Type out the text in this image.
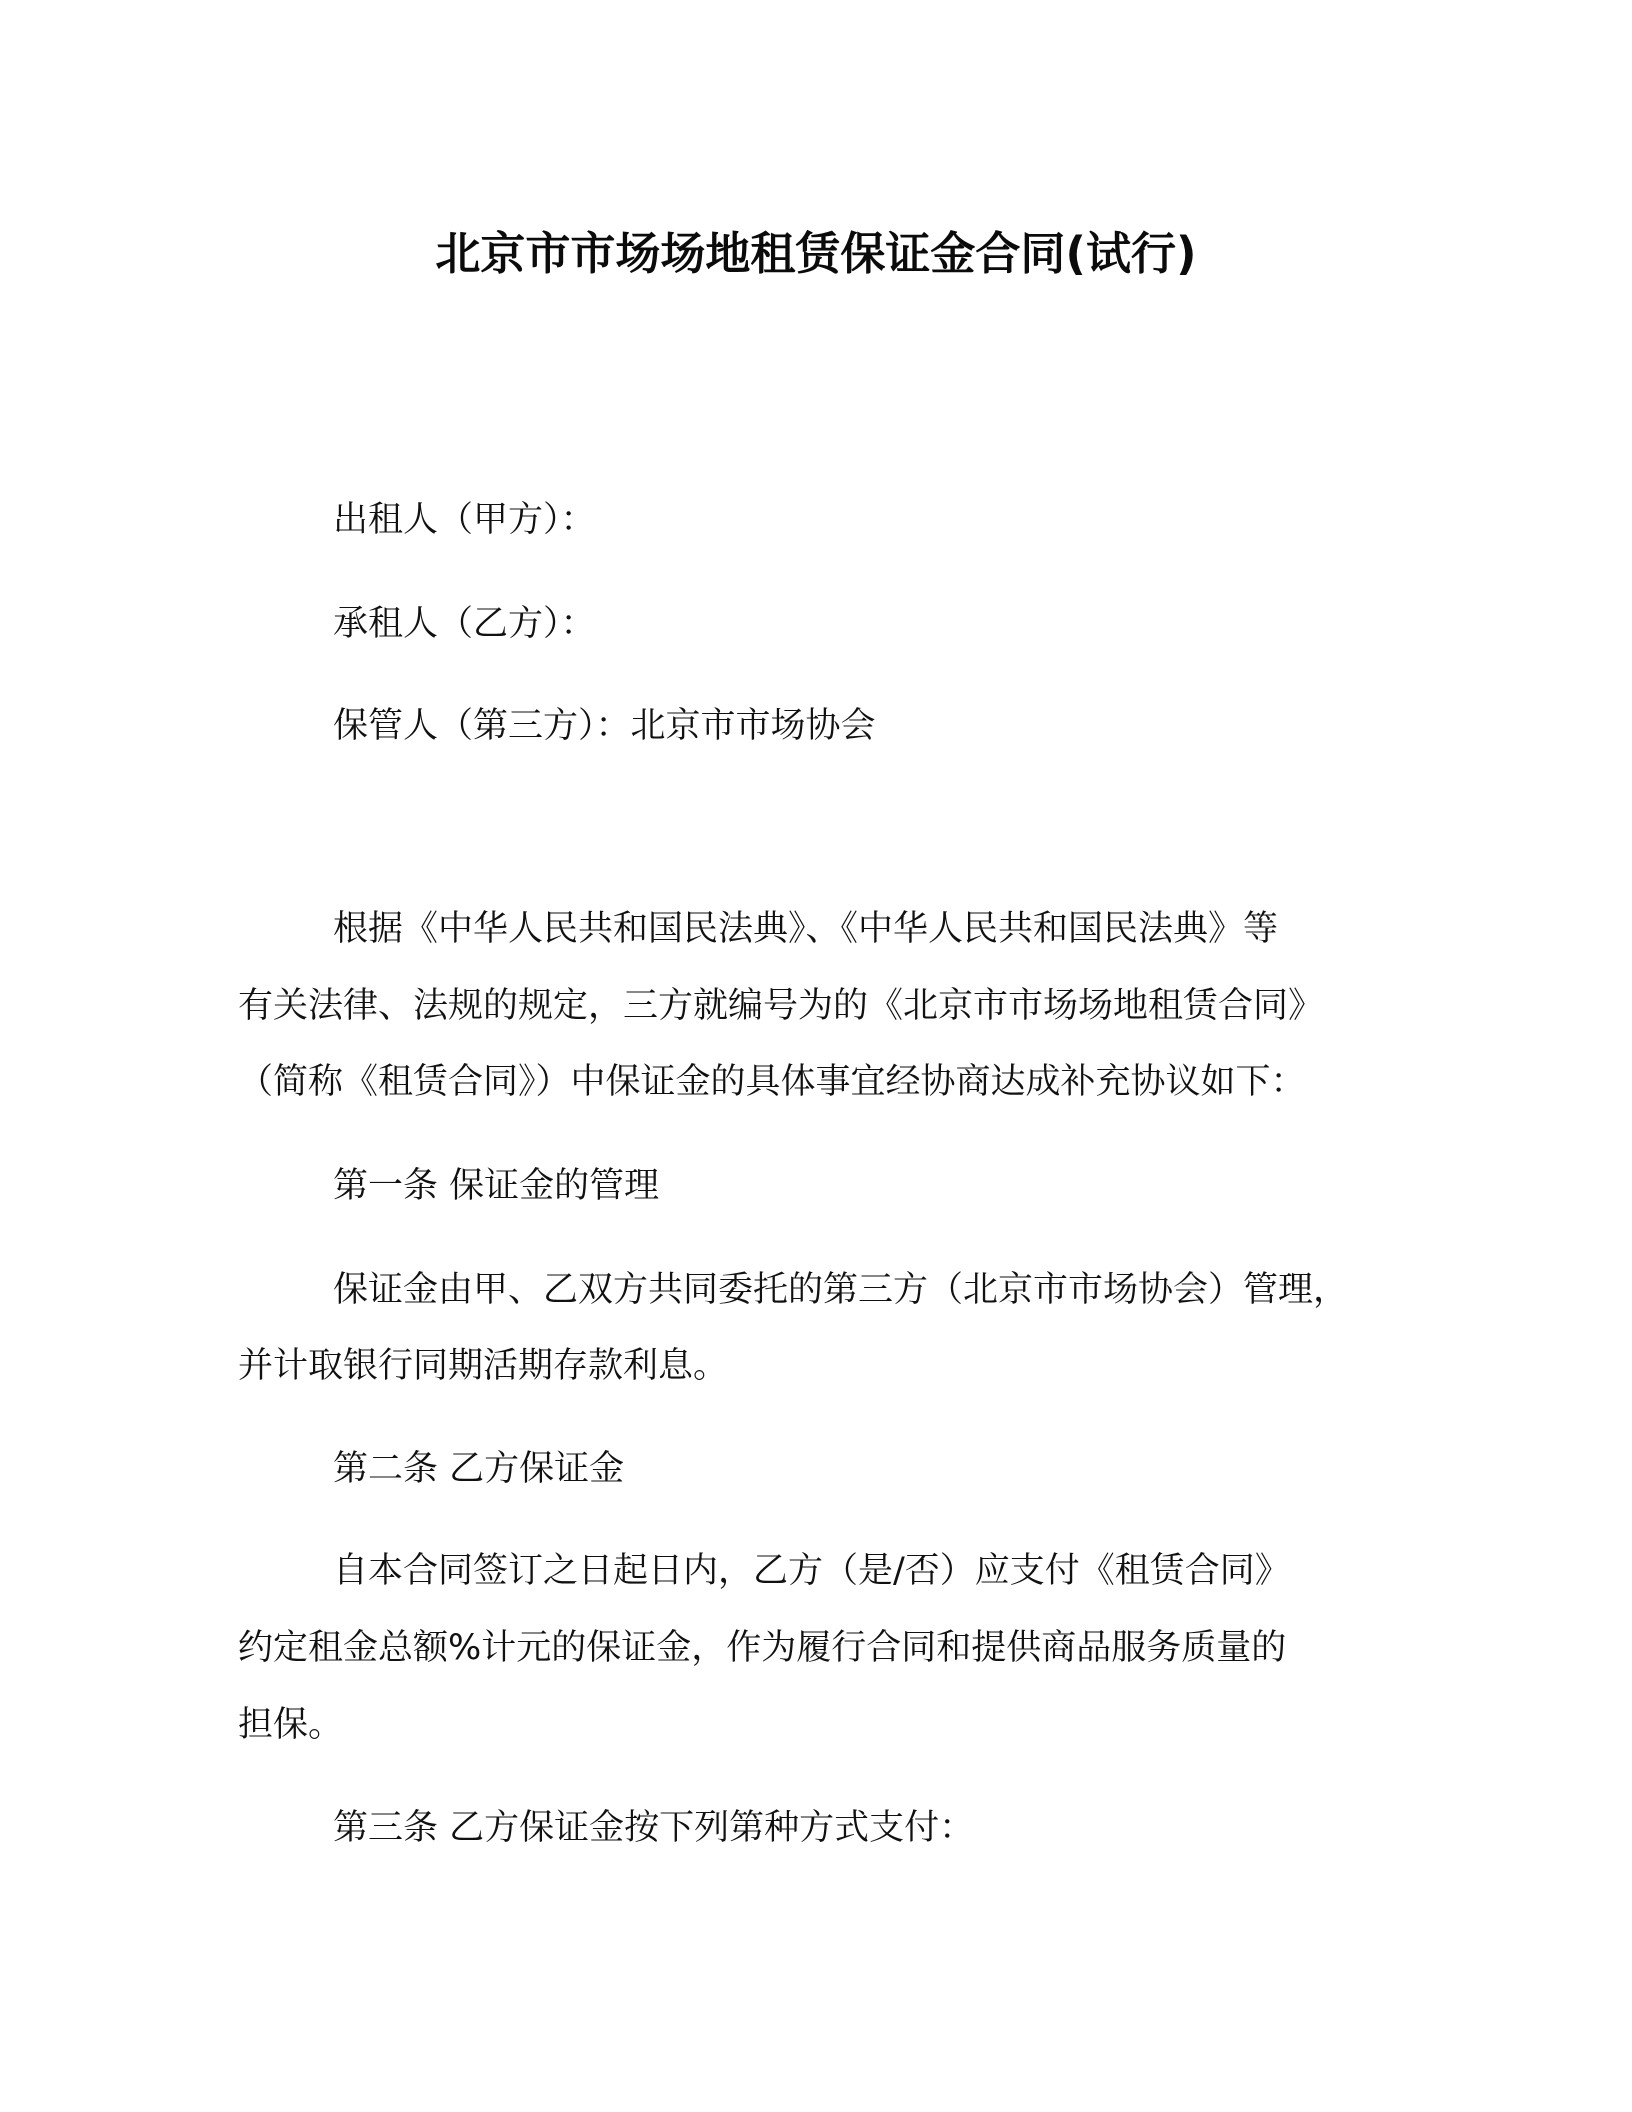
北京市市场场地租赁保证金合同(试行)
出租人（甲方）：
承租人（乙方）：
保管人（第三方）：北京市市场协会
根据《中华人民共和国民法典》、《中华人民共和国民法典》等
有关法律、法规的规定，三方就编号为的《北京市市场场地租赁合同》
（简称《租赁合同》）中保证金的具体事宜经协商达成补充协议如下：
第一条 保证金的管理
保证金由甲、乙双方共同委托的第三方（北京市市场协会）管理，
并计取银行同期活期存款利息。
第二条 乙方保证金
自本合同签订之日起日内，乙方（是/否）应支付《租赁合同》
约定租金总额%计元的保证金，作为履行合同和提供商品服务质量的
担保。
第三条 乙方保证金按下列第种方式支付：
